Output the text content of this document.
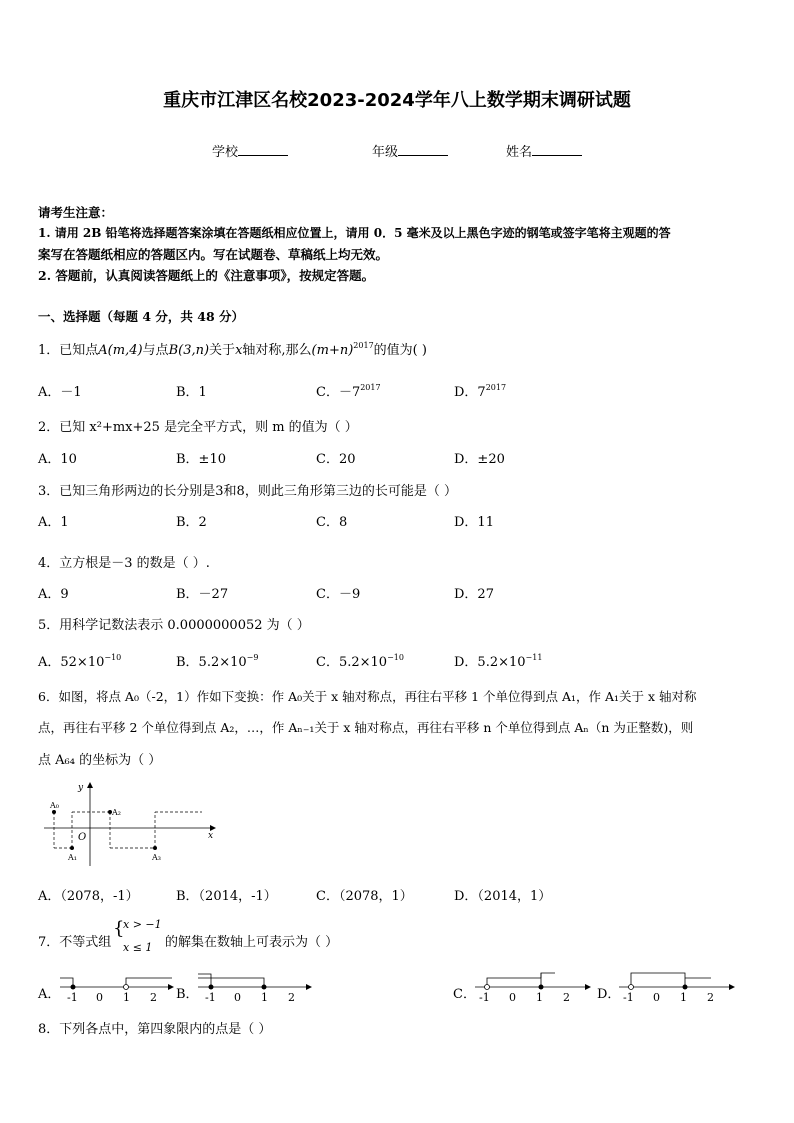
重庆市江津区名校2023-2024学年八上数学期末调研试题
学校	年级	姓名
请考生注意：
1. 请用 2B 铅笔将选择题答案涂填在答题纸相应位置上，请用 0．5 毫米及以上黑色字迹的钢笔或签字笔将主观题的答
案写在答题纸相应的答题区内。写在试题卷、草稿纸上均无效。
2. 答题前，认真阅读答题纸上的《注意事项》，按规定答题。
一、选择题（每题 4 分，共 48 分）
1．已知点A(m,4)与点B(3,n)关于x轴对称,那么$(m+n)^{2017}$的值为( )
A．－1	B．1	C．$-7^{2017}$	D．$7^{2017}$
2．已知 x²+mx+25 是完全平方式，则 m 的值为（ ）
A．10	B．±10	C．20	D．±20
3．已知三角形两边的长分别是3和8，则此三角形第三边的长可能是（ ）
A．1	B．2	C．8	D．11
4．立方根是－3 的数是（ ）.
A．9	B．－27	C．－9	D．27
5．用科学记数法表示 0.0000000052 为（ ）
A．$52\times 10^{-10}$	B．$5.2\times 10^{-9}$	C．$5.2\times 10^{-10}$	D．$5.2\times 10^{-11}$
6．如图，将点 A₀（-2，1）作如下变换：作 A₀关于 x 轴对称点，再往右平移 1 个单位得到点 A₁，作 A₁关于 x 轴对称
点，再往右平移 2 个单位得到点 A₂，…，作 Aₙ₋₁关于 x 轴对称点，再往右平移 n 个单位得到点 Aₙ（n 为正整数)，则
点 A₆₄ 的坐标为（ ）
y
x
O
A₀
A₁
A₂
A₃
A．（2078，-1）	B．（2014，-1）	C．（2078，1）	D．（2014，1）
7．不等式组
{
x > −1
x ≤ 1 的解集在数轴上可表示为（ ）
A． -1 0 1 2 B． -1 0 1 2	C． -1 0 1 2 D． -1 0 1 2
8．下列各点中，第四象限内的点是（ ）
